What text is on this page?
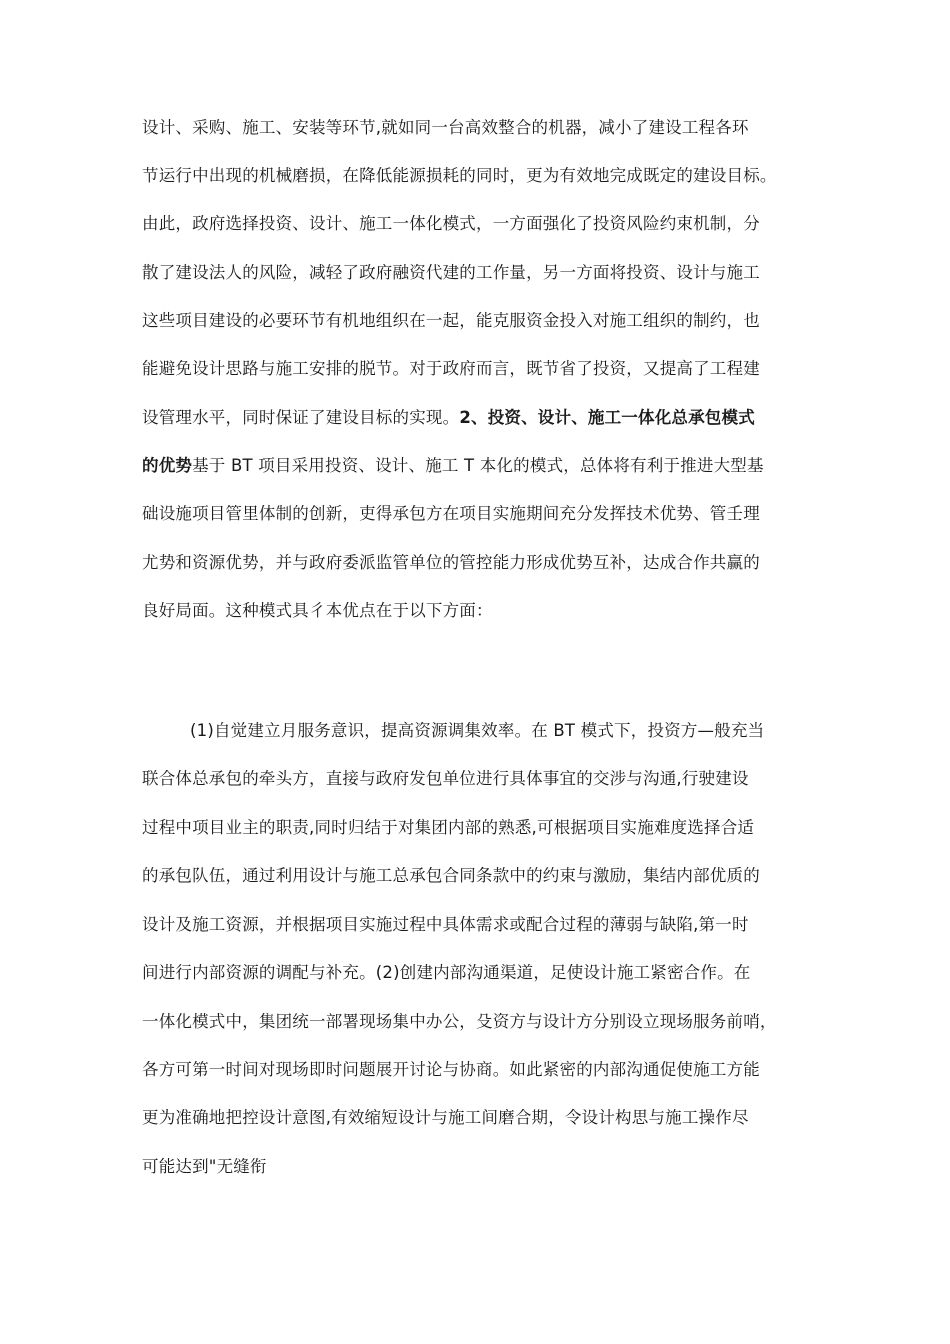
设计、采购、施工、安装等环节,就如同一台高效整合的机器，减小了建设工程各环
节运行中出现的机械磨损，在降低能源损耗的同时，更为有效地完成既定的建设目标。
由此，政府选择投资、设计、施工一体化模式，一方面强化了投资风险约束机制，分
散了建设法人的风险，减轻了政府融资代建的工作量，另一方面将投资、设计与施工
这些项目建设的必要环节有机地组织在一起，能克服资金投入对施工组织的制约，也
能避免设计思路与施工安排的脱节。对于政府而言，既节省了投资，又提高了工程建
设管理水平，同时保证了建设目标的实现。2、投资、设计、施工一体化总承包模式
的优势基于 BT 项目采用投资、设计、施工 T 本化的模式，总体将有利于推进大型基
础设施项目管里体制的创新，吏得承包方在项目实施期间充分发挥技术优势、管壬理
尤势和资源优势，并与政府委派监管单位的管控能力形成优势互补，达成合作共赢的
良好局面。这种模式具彳本优点在于以下方面：
(1)自觉建立月服务意识，提高资源调集效率。在 BT 模式下，投资方—般充当
联合体总承包的牵头方，直接与政府发包单位进行具体事宜的交涉与沟通,行驶建设
过程中项目业主的职责,同时归结于对集团内部的熟悉,可根据项目实施难度选择合适
的承包队伍，通过利用设计与施工总承包合同条款中的约束与激励，集结内部优质的
设计及施工资源，并根据项目实施过程中具体需求或配合过程的薄弱与缺陷,第一时
间进行内部资源的调配与补充。(2)创建内部沟通渠道，足使设计施工紧密合作。在
一体化模式中，集团统一部署现场集中办公，殳资方与设计方分别设立现场服务前哨，
各方可第一时间对现场即时问题展开讨论与协商。如此紧密的内部沟通促使施工方能
更为准确地把控设计意图,有效缩短设计与施工间磨合期，令设计构思与施工操作尽
可能达到"无缝衔
